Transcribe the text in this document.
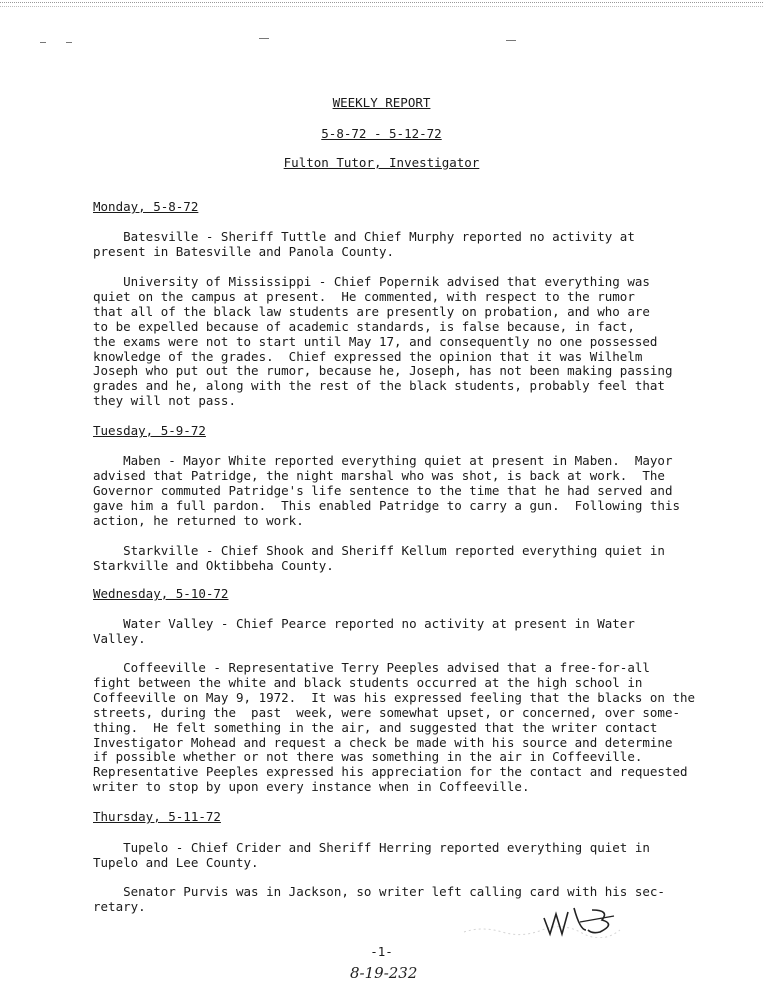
WEEKLY REPORT
5-8-72 - 5-12-72
Fulton Tutor, Investigator
Monday, 5-8-72
Batesville - Sheriff Tuttle and Chief Murphy reported no activity at
present in Batesville and Panola County.
University of Mississippi - Chief Popernik advised that everything was
quiet on the campus at present.  He commented, with respect to the rumor
that all of the black law students are presently on probation, and who are
to be expelled because of academic standards, is false because, in fact,
the exams were not to start until May 17, and consequently no one possessed
knowledge of the grades.  Chief expressed the opinion that it was Wilhelm
Joseph who put out the rumor, because he, Joseph, has not been making passing
grades and he, along with the rest of the black students, probably feel that
they will not pass.
Tuesday, 5-9-72
Maben - Mayor White reported everything quiet at present in Maben.  Mayor
advised that Patridge, the night marshal who was shot, is back at work.  The
Governor commuted Patridge's life sentence to the time that he had served and
gave him a full pardon.  This enabled Patridge to carry a gun.  Following this
action, he returned to work.
Starkville - Chief Shook and Sheriff Kellum reported everything quiet in
Starkville and Oktibbeha County.
Wednesday, 5-10-72
Water Valley - Chief Pearce reported no activity at present in Water
Valley.
Coffeeville - Representative Terry Peeples advised that a free-for-all
fight between the white and black students occurred at the high school in
Coffeeville on May 9, 1972.  It was his expressed feeling that the blacks on the
streets, during the  past  week, were somewhat upset, or concerned, over some-
thing.  He felt something in the air, and suggested that the writer contact
Investigator Mohead and request a check be made with his source and determine
if possible whether or not there was something in the air in Coffeeville.
Representative Peeples expressed his appreciation for the contact and requested
writer to stop by upon every instance when in Coffeeville.
Thursday, 5-11-72
Tupelo - Chief Crider and Sheriff Herring reported everything quiet in
Tupelo and Lee County.
Senator Purvis was in Jackson, so writer left calling card with his sec-
retary.
-1-
8-19-232
